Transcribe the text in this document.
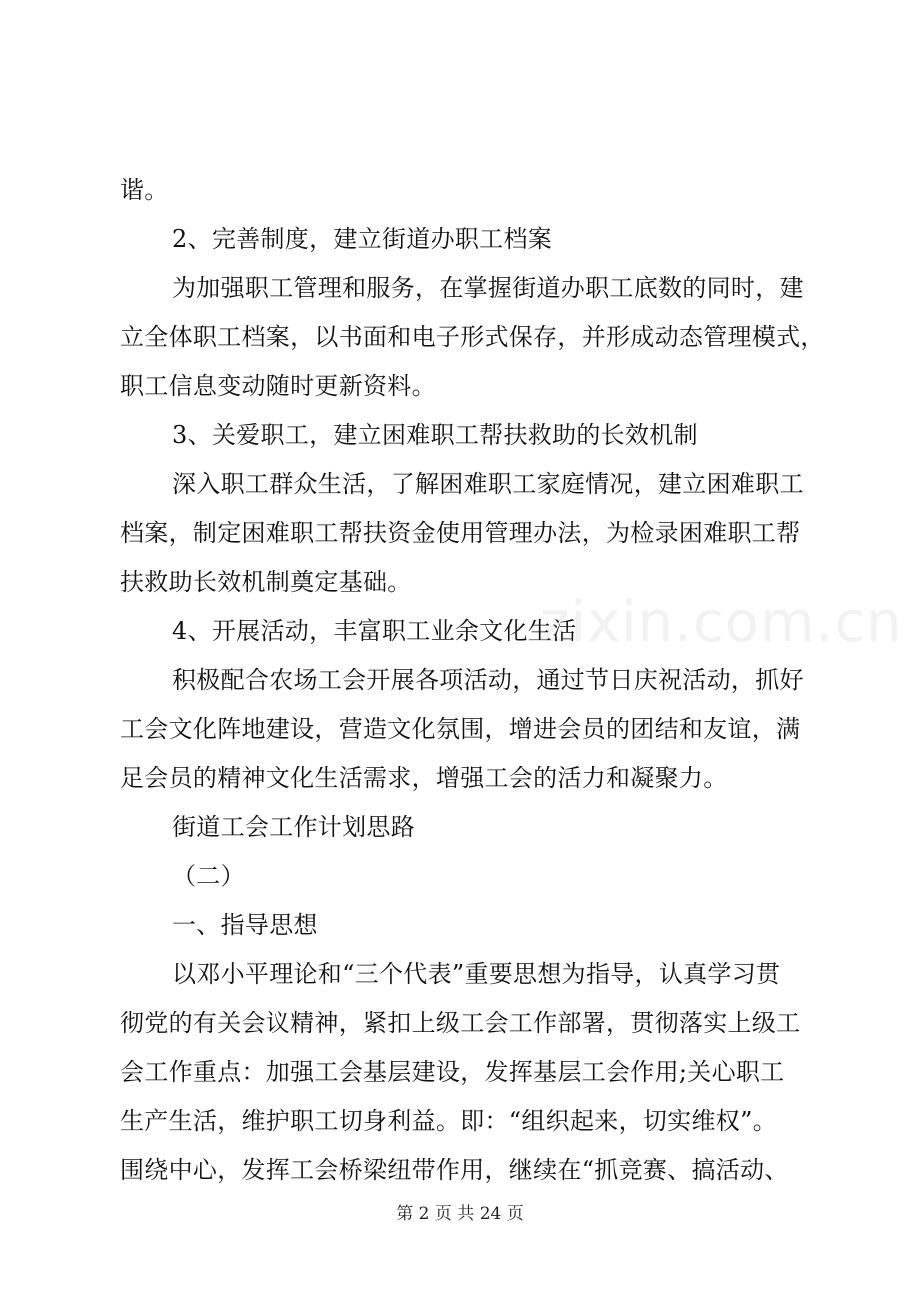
谐。
2、完善制度，建立街道办职工档案
为加强职工管理和服务，在掌握街道办职工底数的同时，建
立全体职工档案，以书面和电子形式保存，并形成动态管理模式，
职工信息变动随时更新资料。
3、关爱职工，建立困难职工帮扶救助的长效机制
深入职工群众生活，了解困难职工家庭情况，建立困难职工
档案，制定困难职工帮扶资金使用管理办法，为检录困难职工帮
扶救助长效机制奠定基础。
4、开展活动，丰富职工业余文化生活
积极配合农场工会开展各项活动，通过节日庆祝活动，抓好
工会文化阵地建设，营造文化氛围，增进会员的团结和友谊，满
足会员的精神文化生活需求，增强工会的活力和凝聚力。
街道工会工作计划思路
（二）
一、指导思想
以邓小平理论和“三个代表”重要思想为指导，认真学习贯
彻党的有关会议精神，紧扣上级工会工作部署，贯彻落实上级工
会工作重点：加强工会基层建设，发挥基层工会作用;关心职工
生产生活，维护职工切身利益。即：“组织起来，切实维权”。
围绕中心，发挥工会桥梁纽带作用，继续在“抓竞赛、搞活动、
zixin.com.cn
第 2 页 共 24 页
